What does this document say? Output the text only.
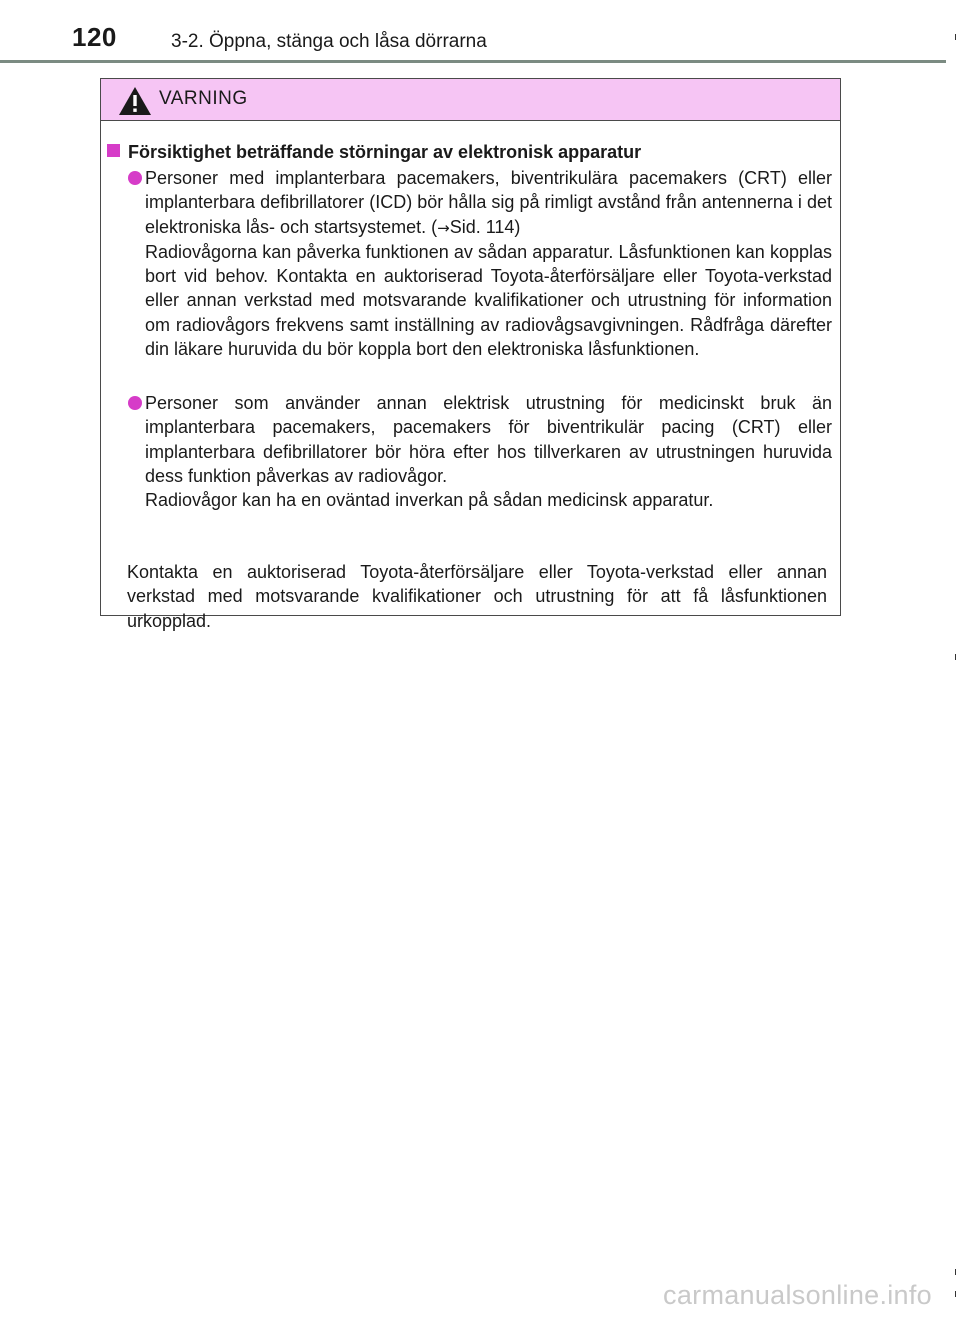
120	3-2. Öppna, stänga och låsa dörrarna
VARNING
Försiktighet beträffande störningar av elektronisk apparatur
Personer med implanterbara pacemakers, biventrikulära pacemakers (CRT) eller implanterbara defibrillatorer (ICD) bör hålla sig på rimligt avstånd från antennerna i det elektroniska lås- och startsystemet. (→Sid. 114)
Radiovågorna kan påverka funktionen av sådan apparatur. Låsfunktionen kan kopplas bort vid behov. Kontakta en auktoriserad Toyota-återförsäljare eller Toyota-verkstad eller annan verkstad med motsvarande kvalifikationer och utrustning för information om radiovågors frekvens samt inställning av radiovågsavgivningen. Rådfråga därefter din läkare huruvida du bör koppla bort den elektroniska låsfunktionen.
Personer som använder annan elektrisk utrustning för medicinskt bruk än implanterbara pacemakers, pacemakers för biventrikulär pacing (CRT) eller implanterbara defibrillatorer bör höra efter hos tillverkaren av utrustningen huruvida dess funktion påverkas av radiovågor.
Radiovågor kan ha en oväntad inverkan på sådan medicinsk apparatur.
Kontakta en auktoriserad Toyota-återförsäljare eller Toyota-verkstad eller annan verkstad med motsvarande kvalifikationer och utrustning för att få låsfunktionen urkopplad.
carmanualsonline.info
